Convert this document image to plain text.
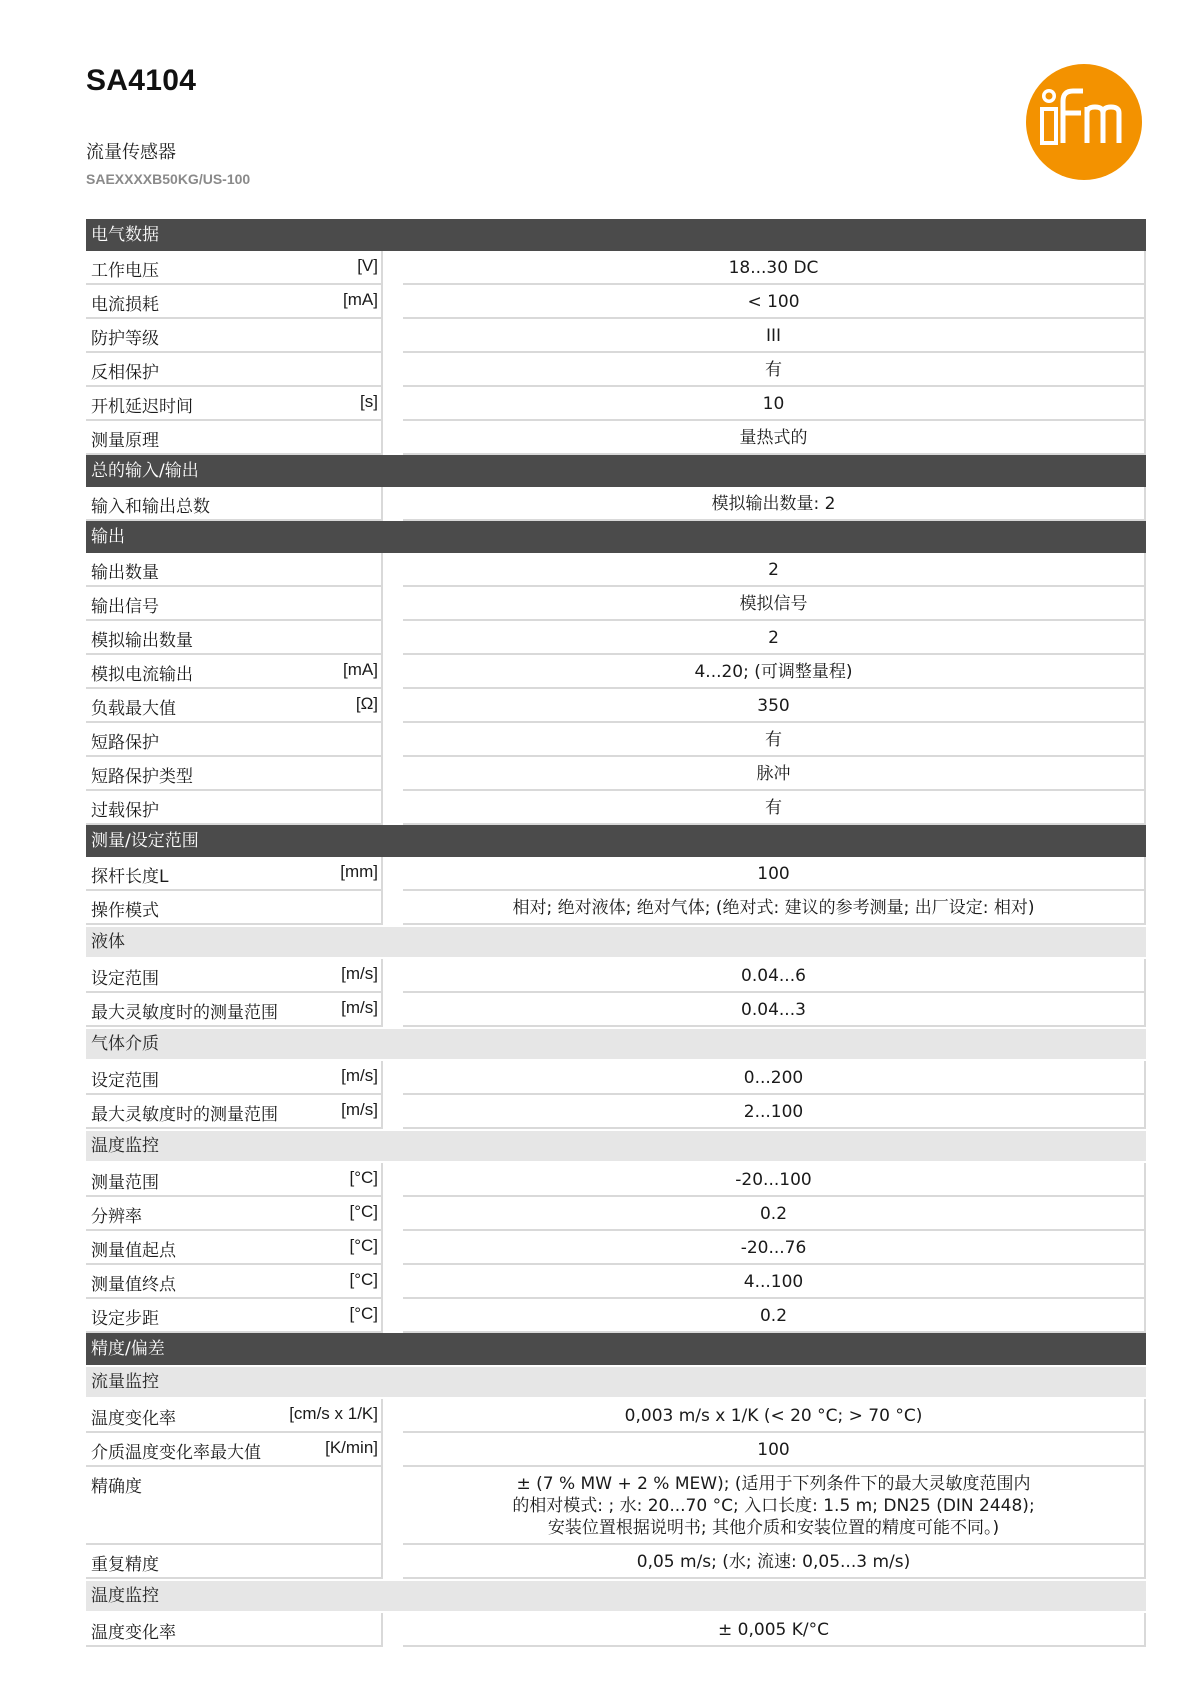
SA4104
流量传感器
SAEXXXXB50KG/US-100
电气数据
工作电压	[V]	18...30 DC
电流损耗	[mA]	< 100
防护等级	III
反相保护	有
开机延迟时间	[s]	10
测量原理	量热式的
总的输入/输出
输入和输出总数	模拟输出数量: 2
输出
输出数量	2
输出信号	模拟信号
模拟输出数量	2
模拟电流输出	[mA]	4...20; (可调整量程)
负载最大值	[Ω]	350
短路保护	有
短路保护类型	脉冲
过载保护	有
测量/设定范围
探杆长度L	[mm]	100
操作模式	相对; 绝对液体; 绝对气体; (绝对式: 建议的参考测量; 出厂设定: 相对)
液体
设定范围	[m/s]	0.04...6
最大灵敏度时的测量范围	[m/s]	0.04...3
气体介质
设定范围	[m/s]	0...200
最大灵敏度时的测量范围	[m/s]	2...100
温度监控
测量范围	[°C]	-20...100
分辨率	[°C]	0.2
测量值起点	[°C]	-20...76
测量值终点	[°C]	4...100
设定步距	[°C]	0.2
精度/偏差
流量监控
温度变化率	[cm/s x 1/K]	0,003 m/s x 1/K (< 20 °C; > 70 °C)
介质温度变化率最大值	[K/min]	100
精确度	± (7 % MW + 2 % MEW); (适用于下列条件下的最大灵敏度范围内
的相对模式: ; 水: 20...70 °C; 入口长度: 1.5 m; DN25 (DIN 2448);
安装位置根据说明书; 其他介质和安装位置的精度可能不同。)
重复精度	0,05 m/s; (水; 流速: 0,05...3 m/s)
温度监控
温度变化率	± 0,005 K/°C
